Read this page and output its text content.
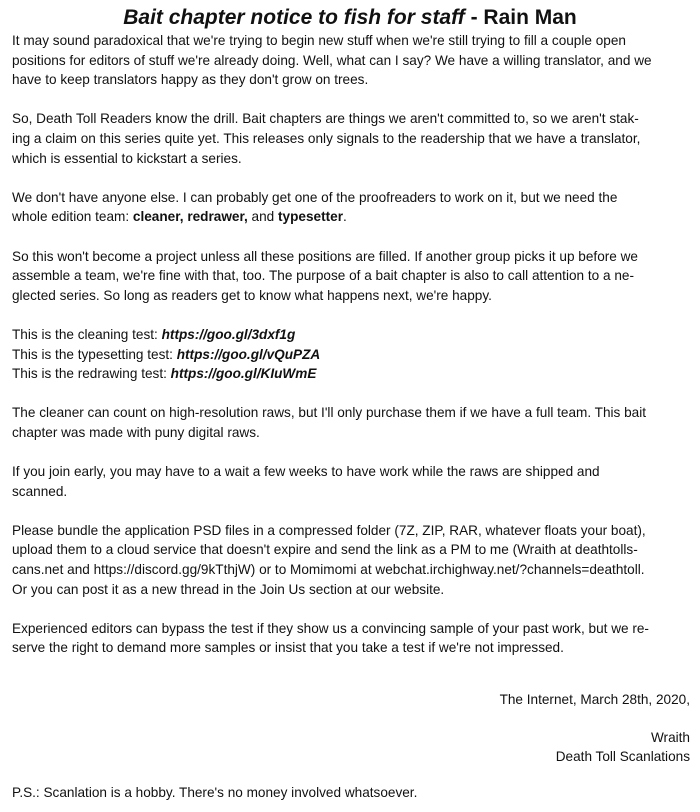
Bait chapter notice to fish for staff - Rain Man

It may sound paradoxical that we're trying to begin new stuff when we're still trying to fill a couple open
positions for editors of stuff we're already doing. Well, what can I say? We have a willing translator, and we
have to keep translators happy as they don't grow on trees.

So, Death Toll Readers know the drill. Bait chapters are things we aren't committed to, so we aren't stak-
ing a claim on this series quite yet. This releases only signals to the readership that we have a translator,
which is essential to kickstart a series.

We don't have anyone else. I can probably get one of the proofreaders to work on it, but we need the
whole edition team: cleaner, redrawer, and typesetter.

So this won't become a project unless all these positions are filled. If another group picks it up before we
assemble a team, we're fine with that, too. The purpose of a bait chapter is also to call attention to a ne-
glected series. So long as readers get to know what happens next, we're happy.

This is the cleaning test: https://goo.gl/3dxf1g
This is the typesetting test: https://goo.gl/vQuPZA
This is the redrawing test: https://goo.gl/KIuWmE

The cleaner can count on high-resolution raws, but I'll only purchase them if we have a full team. This bait
chapter was made with puny digital raws.

If you join early, you may have to a wait a few weeks to have work while the raws are shipped and
scanned.

Please bundle the application PSD files in a compressed folder (7Z, ZIP, RAR, whatever floats your boat),
upload them to a cloud service that doesn't expire and send the link as a PM to me (Wraith at deathtolls-
cans.net and https://discord.gg/9kTthjW) or to Momimomi at webchat.irchighway.net/?channels=deathtoll.
Or you can post it as a new thread in the Join Us section at our website.

Experienced editors can bypass the test if they show us a convincing sample of your past work, but we re-
serve the right to demand more samples or insist that you take a test if we're not impressed.

The Internet, March 28th, 2020,
Wraith
Death Toll Scanlations
P.S.: Scanlation is a hobby. There's no money involved whatsoever.
